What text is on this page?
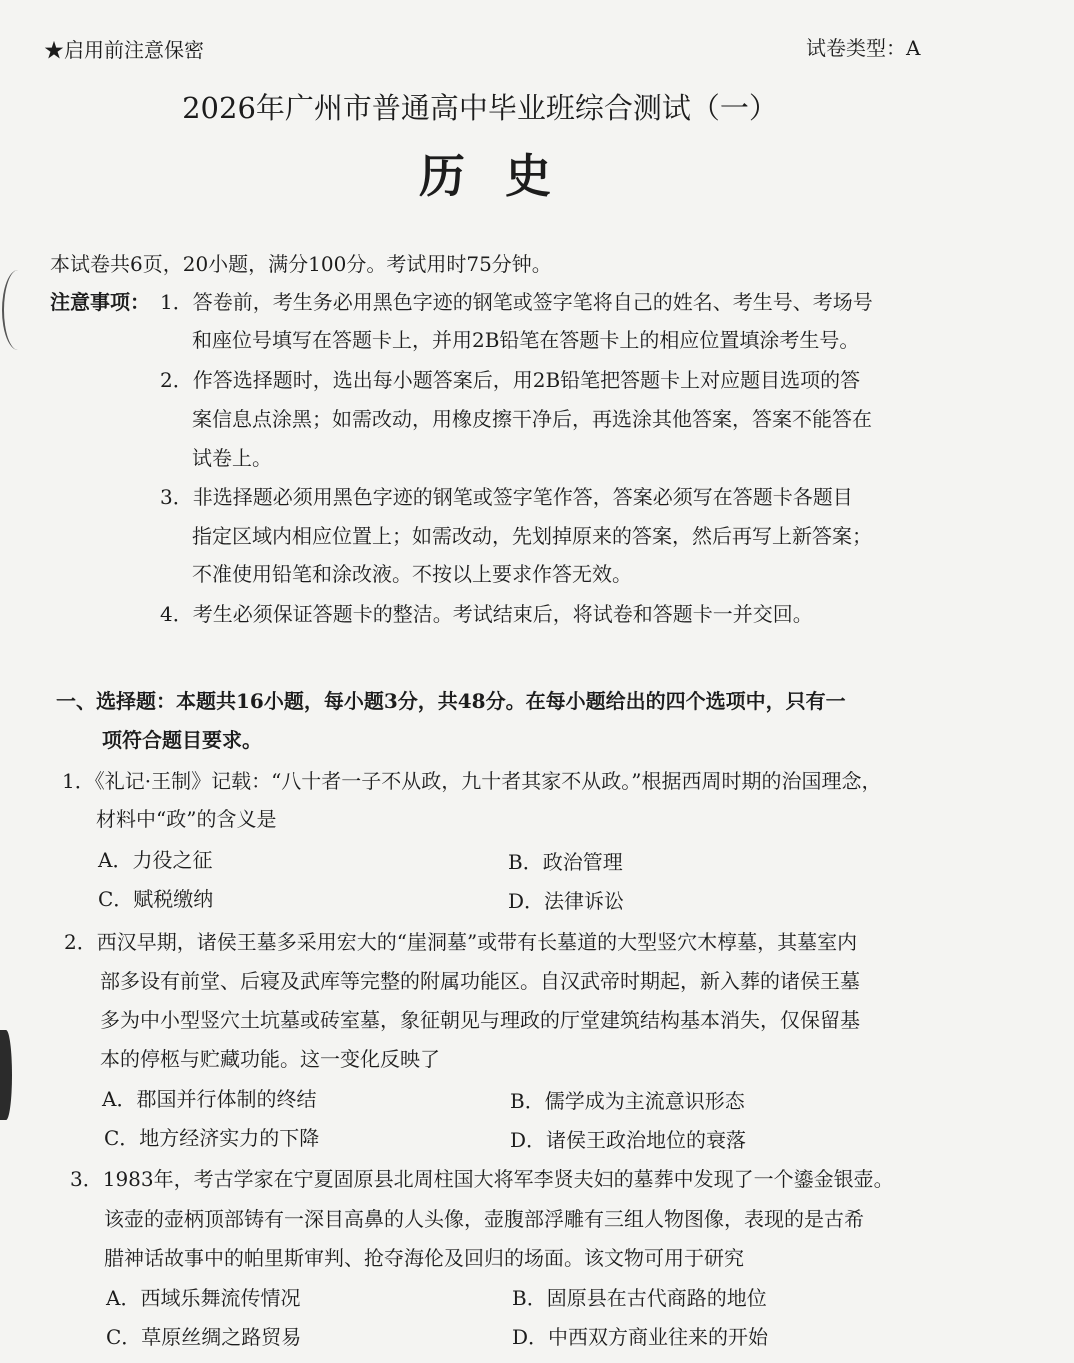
★启用前注意保密	试卷类型：A
2026年广州市普通高中毕业班综合测试（一）
历史
本试卷共6页，20小题，满分100分。考试用时75分钟。
注意事项： 1．答卷前，考生务必用黑色字迹的钢笔或签字笔将自己的姓名、考生号、考场号
和座位号填写在答题卡上，并用2B铅笔在答题卡上的相应位置填涂考生号。
2．作答选择题时，选出每小题答案后，用2B铅笔把答题卡上对应题目选项的答
案信息点涂黑；如需改动，用橡皮擦干净后，再选涂其他答案，答案不能答在
试卷上。
3．非选择题必须用黑色字迹的钢笔或签字笔作答，答案必须写在答题卡各题目
指定区域内相应位置上；如需改动，先划掉原来的答案，然后再写上新答案；
不准使用铅笔和涂改液。不按以上要求作答无效。
4．考生必须保证答题卡的整洁。考试结束后，将试卷和答题卡一并交回。
一、选择题：本题共16小题，每小题3分，共48分。在每小题给出的四个选项中，只有一
项符合题目要求。
1．《礼记·王制》记载：“八十者一子不从政，九十者其家不从政。”根据西周时期的治国理念，
材料中“政”的含义是
A．力役之征	B．政治管理
C．赋税缴纳	D．法律诉讼
2．西汉早期，诸侯王墓多采用宏大的“崖洞墓”或带有长墓道的大型竖穴木椁墓，其墓室内
部多设有前堂、后寝及武库等完整的附属功能区。自汉武帝时期起，新入葬的诸侯王墓
多为中小型竖穴土坑墓或砖室墓，象征朝见与理政的厅堂建筑结构基本消失，仅保留基
本的停柩与贮藏功能。这一变化反映了
A．郡国并行体制的终结	B．儒学成为主流意识形态
C．地方经济实力的下降	D．诸侯王政治地位的衰落
3．1983年，考古学家在宁夏固原县北周柱国大将军李贤夫妇的墓葬中发现了一个鎏金银壶。
该壶的壶柄顶部铸有一深目高鼻的人头像，壶腹部浮雕有三组人物图像，表现的是古希
腊神话故事中的帕里斯审判、抢夺海伦及回归的场面。该文物可用于研究
A．西域乐舞流传情况	B．固原县在古代商路的地位
C．草原丝绸之路贸易	D．中西双方商业往来的开始
